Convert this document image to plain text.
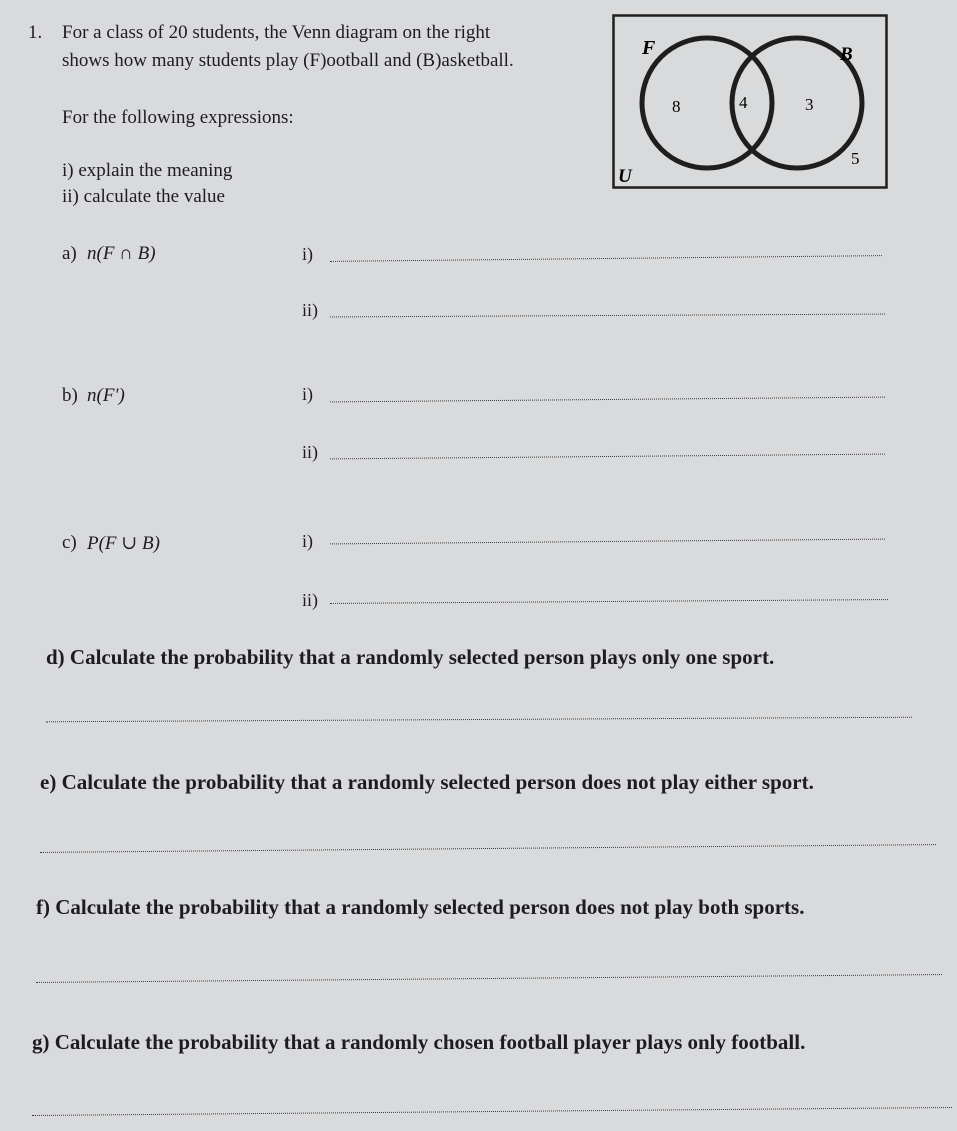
1. For a class of 20 students, the Venn diagram on the right
shows how many students play (F)ootball and (B)asketball.
For the following expressions:
i) explain the meaning
ii) calculate the value
F	B
U
8	4	3
5
a) n(F ∩ B)	i)
ii)
b) n(F')	i)
ii)
c) P(F ∪ B)	i)
ii)
d) Calculate the probability that a randomly selected person plays only one sport.
e) Calculate the probability that a randomly selected person does not play either sport.
f) Calculate the probability that a randomly selected person does not play both sports.
g) Calculate the probability that a randomly chosen football player plays only football.
